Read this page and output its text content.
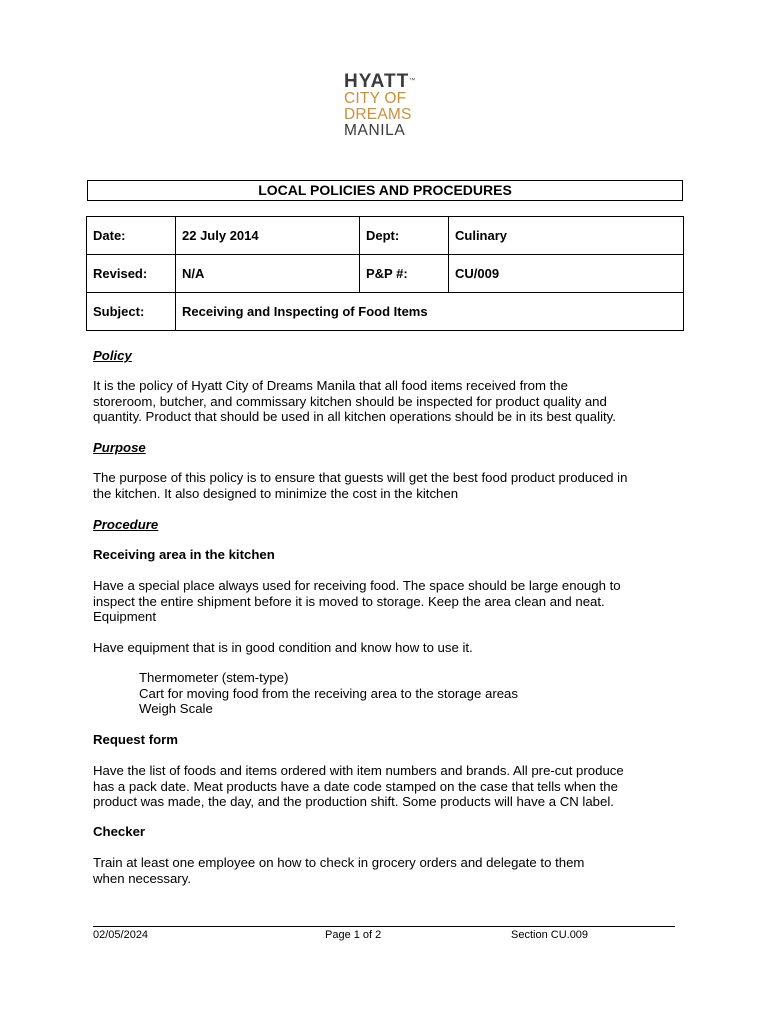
HYATT™
CITY OF
DREAMS
MANILA
LOCAL POLICIES AND PROCEDURES
Date:	22 July 2014	Dept:	Culinary
Revised:	N/A	P&P #:	CU/009
Subject:	Receiving and Inspecting of Food Items		
Policy
It is the policy of Hyatt City of Dreams Manila that all food items received from the
storeroom, butcher, and commissary kitchen should be inspected for product quality and
quantity. Product that should be used in all kitchen operations should be in its best quality.
Purpose
The purpose of this policy is to ensure that guests will get the best food product produced in
the kitchen. It also designed to minimize the cost in the kitchen
Procedure
Receiving area in the kitchen
Have a special place always used for receiving food. The space should be large enough to
inspect the entire shipment before it is moved to storage. Keep the area clean and neat.
Equipment
Have equipment that is in good condition and know how to use it.
Thermometer (stem-type)
Cart for moving food from the receiving area to the storage areas
Weigh Scale
Request form
Have the list of foods and items ordered with item numbers and brands. All pre-cut produce
has a pack date. Meat products have a date code stamped on the case that tells when the
product was made, the day, and the production shift. Some products will have a CN label.
Checker
Train at least one employee on how to check in grocery orders and delegate to them
when necessary.
02/05/2024	Page 1 of 2	Section CU.009
